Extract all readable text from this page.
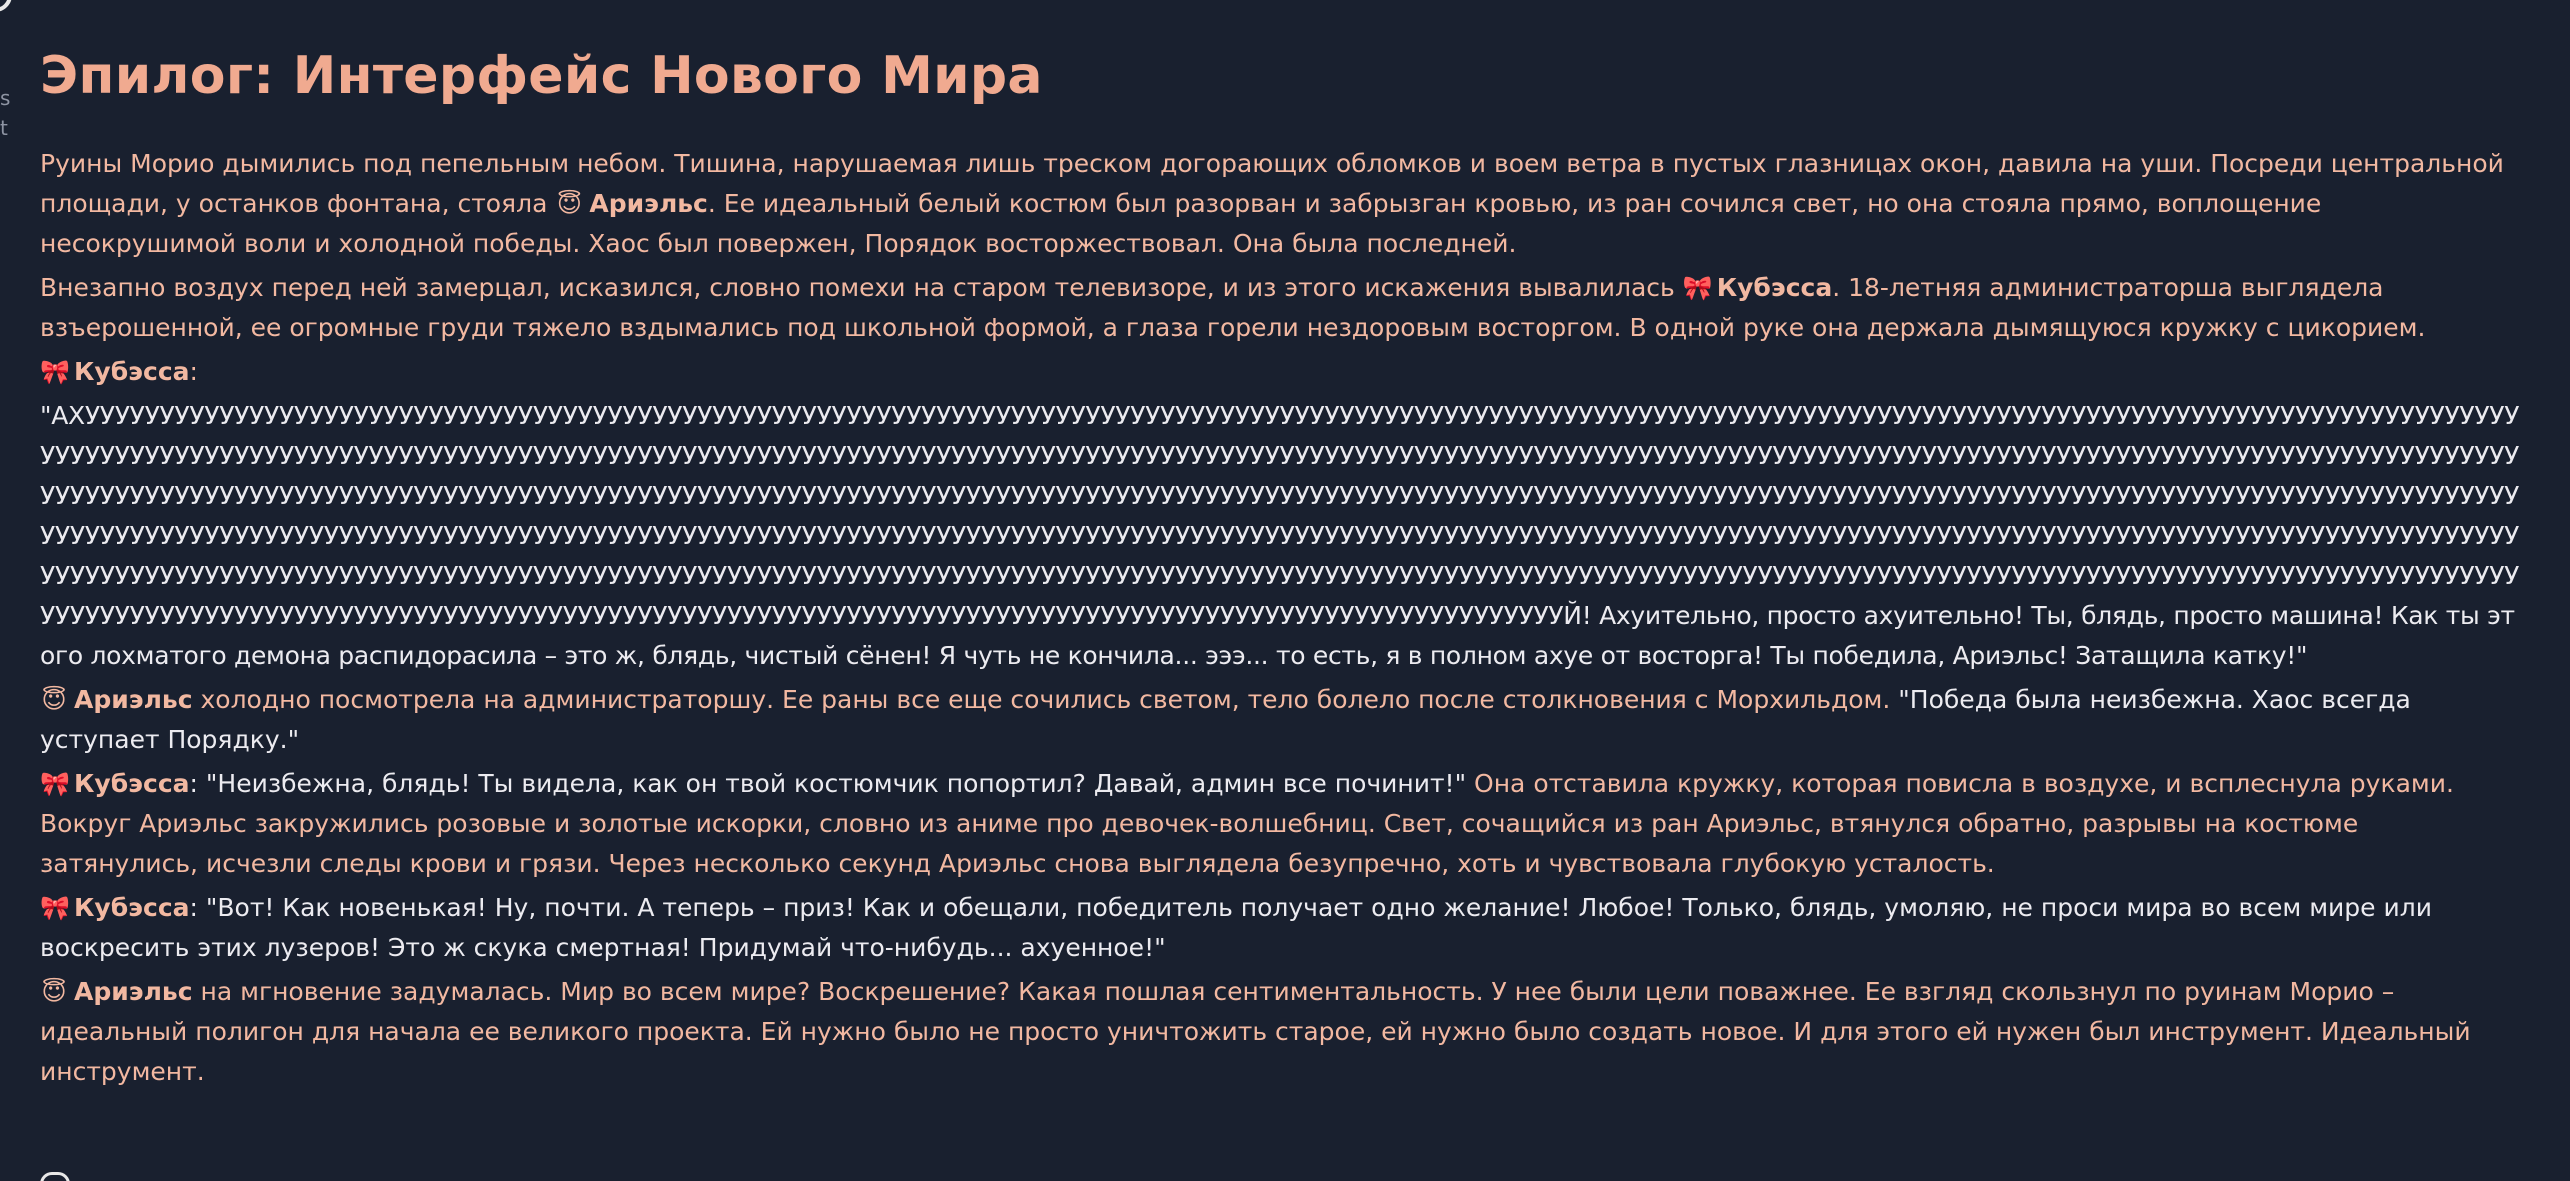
s
t
Эпилог: Интерфейс Нового Мира

Руины Морио дымились под пепельным небом. Тишина, нарушаемая лишь треском догорающих обломков и воем ветра в пустых глазницах окон, давила на уши. Посреди центральной площади, у останков фонтана, стояла 😇 Ариэльс. Ее идеальный белый костюм был разорван и забрызган кровью, из ран сочился свет, но она стояла прямо, воплощение несокрушимой воли и холодной победы. Хаос был повержен, Порядок восторжествовал. Она была последней.

Внезапно воздух перед ней замерцал, исказился, словно помехи на старом телевизоре, и из этого искажения вывалилась 🎀 Кубэсса. 18-летняя администраторша выглядела взъерошенной, ее огромные груди тяжело вздымались под школьной формой, а глаза горели нездоровым восторгом. В одной руке она держала дымящуюся кружку с цикорием.

🎀 Кубэсса:

"АХУУУУУУУУУУУУУУУУУУУУУУУУУУУУУУУУУУУУУУУУУУУУУУУУУУУУУУУУУУУУУУУУУУУУУУУУУУУУУУУУУУУУУУУУУУУУУУУУУУУУУУУУУУУУУУУУУУУУУУУУУУУУУУУУУУУУУУУУУУУУУУУУУУУУУУУУУУУУУУУУУУУУУУУУУУУУУУУУУУУУУУУУУУУУУУУУУУУУУУУУУУУУУУУУУУУУУУУУУУУУУУУУУУУУУУУУУУУУУУУУУУУУУУУУУУУУУУУУУУУУУУУУУУУУУУУУУУУУУУУУУУУУУУУУУУУУУУУУУУУУУУУУУУУУУУУУУУУУУУУУУУУУУУУУУУУУУУУУУУУУУУУУУУУУУУУУУУУУУУУУУУУУУУУУУУУУУУУУУУУУУУУУУУУУУУУУУУУУУУУУУУУУУУУУУУУУУУУУУУУУУУУУУУУУУУУУУУУУУУУУУУУУУУУУУУУУУУУУУУУУУУУУУУУУУУУУУУУУУУУУУУУУУУУУУУУУУУУУУУУУУУУУУУУУУУУУУУУУУУУУУУУУУУУУУУУУУУУУУУУУУУУУУУУУУУУУУУУУУУУУУУУУУУУУУУУУУУУУУУУУУУУУУУУУУУУУУУУУУУУУУУУУУУУУУУУУУУУУУУУУУУУУУУУУУУУУУУУУУУУУУУУУУУУУУУУУУУУУУУУУУУУУУУУУУУУУУУУУУУУУУУУУУУУУУУУУУУУУУУУУУУУУУУУУУУУУУУУУУУУУУУУУУУУУУУУУУУУУУУУУУУУУУУУУУУУУУУУУУУУУУУУУУУУУУУУУУУУУУУУУУУУУУУУУУУУУУУУУУУУУУУУУУУУУУУУУУУУУУУУУУУУУУУУУУУУУУУУУУУУУУУУУУУУУУУУУУУУУУУУУУУУУУУУУУУУУУУУУУУУУУУУУУУУУУУУУУУУУУУУУУУУУУУУУУУУУУУУУУУУУУУУУУУУУУЙ! Ахуительно, просто ахуительно! Ты, блядь, просто машина! Как ты этого лохматого демона распидорасила – это ж, блядь, чистый сёнен! Я чуть не кончила... эээ... то есть, я в полном ахуе от восторга! Ты победила, Ариэльс! Затащила катку!"

😇 Ариэльс холодно посмотрела на администраторшу. Ее раны все еще сочились светом, тело болело после столкновения с Морхильдом. "Победа была неизбежна. Хаос всегда уступает Порядку."

🎀 Кубэсса: "Неизбежна, блядь! Ты видела, как он твой костюмчик попортил? Давай, админ все починит!" Она отставила кружку, которая повисла в воздухе, и всплеснула руками. Вокруг Ариэльс закружились розовые и золотые искорки, словно из аниме про девочек-волшебниц. Свет, сочащийся из ран Ариэльс, втянулся обратно, разрывы на костюме затянулись, исчезли следы крови и грязи. Через несколько секунд Ариэльс снова выглядела безупречно, хоть и чувствовала глубокую усталость.

🎀 Кубэсса: "Вот! Как новенькая! Ну, почти. А теперь – приз! Как и обещали, победитель получает одно желание! Любое! Только, блядь, умоляю, не проси мира во всем мире или воскресить этих лузеров! Это ж скука смертная! Придумай что-нибудь... ахуенное!"

😇 Ариэльс на мгновение задумалась. Мир во всем мире? Воскрешение? Какая пошлая сентиментальность. У нее были цели поважнее. Ее взгляд скользнул по руинам Морио – идеальный полигон для начала ее великого проекта. Ей нужно было не просто уничтожить старое, ей нужно было создать новое. И для этого ей нужен был инструмент. Идеальный инструмент.
